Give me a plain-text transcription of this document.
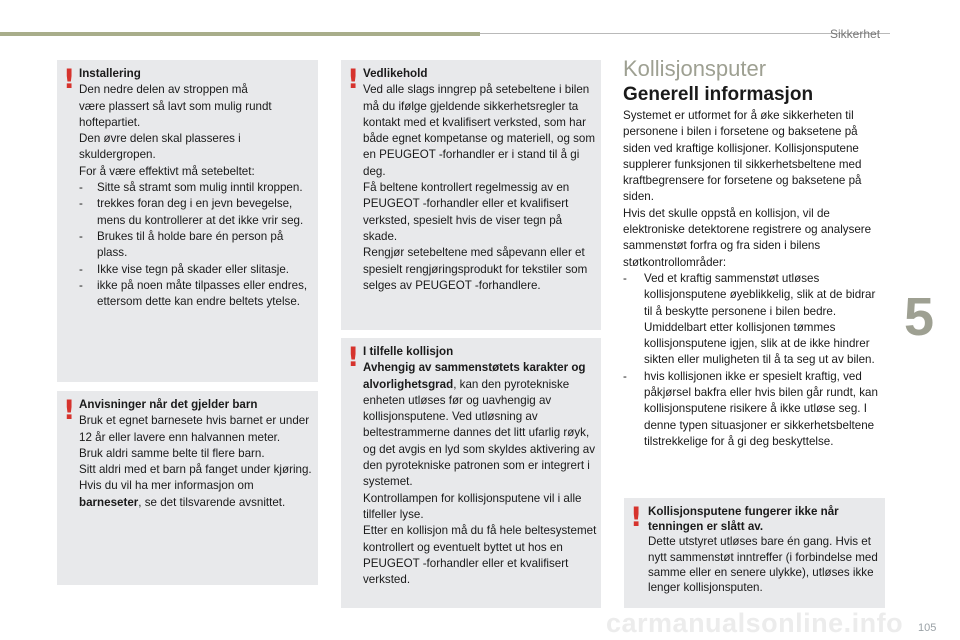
Sikkerhet
5
105
! Installering
Den nedre delen av stroppen må
være plassert så lavt som mulig rundt
hoftepartiet.
Den øvre delen skal plasseres i
skuldergropen.
For å være effektivt må setebeltet:
- Sitte så stramt som mulig inntil kroppen.
- trekkes foran deg i en jevn bevegelse, mens du kontrollerer at det ikke vrir seg.
- Brukes til å holde bare én person på plass.
- Ikke vise tegn på skader eller slitasje.
- ikke på noen måte tilpasses eller endres, ettersom dette kan endre beltets ytelse.
! Anvisninger når det gjelder barn
Bruk et egnet barnesete hvis barnet er under 12 år eller lavere enn halvannen meter.
Bruk aldri samme belte til flere barn.
Sitt aldri med et barn på fanget under kjøring.
Hvis du vil ha mer informasjon om
barneseter, se det tilsvarende avsnittet.
! Vedlikehold
Ved alle slags inngrep på setebeltene i bilen må du ifølge gjeldende sikkerhetsregler ta kontakt med et kvalifisert verksted, som har både egnet kompetanse og materiell, og som en PEUGEOT -forhandler er i stand til å gi deg.
Få beltene kontrollert regelmessig av en PEUGEOT -forhandler eller et kvalifisert verksted, spesielt hvis de viser tegn på skade.
Rengjør setebeltene med såpevann eller et spesielt rengjøringsprodukt for tekstiler som selges av PEUGEOT -forhandlere.
! I tilfelle kollisjon
Avhengig av sammenstøtets karakter og alvorlighetsgrad, kan den pyrotekniske enheten utløses før og uavhengig av kollisjonsputene. Ved utløsning av beltestrammerne dannes det litt ufarlig røyk, og det avgis en lyd som skyldes aktivering av den pyrotekniske patronen som er integrert i systemet.
Kontrollampen for kollisjonsputene vil i alle tilfeller lyse.
Etter en kollisjon må du få hele beltesystemet kontrollert og eventuelt byttet ut hos en PEUGEOT -forhandler eller et kvalifisert verksted.
Kollisjonsputer
Generell informasjon

Systemet er utformet for å øke sikkerheten til personene i bilen i forsetene og baksetene på siden ved kraftige kollisjoner. Kollisjonsputene supplerer funksjonen til sikkerhetsbeltene med kraftbegrensere for forsetene og baksetene på siden.

Hvis det skulle oppstå en kollisjon, vil de elektroniske detektorene registrere og analysere sammenstøt forfra og fra siden i bilens støtkontrollområder:

- Ved et kraftig sammenstøt utløses kollisjonsputene øyeblikkelig, slik at de bidrar til å beskytte personene i bilen bedre. Umiddelbart etter kollisjonen tømmes kollisjonsputene igjen, slik at de ikke hindrer sikten eller muligheten til å ta seg ut av bilen.
- hvis kollisjonen ikke er spesielt kraftig, ved påkjørsel bakfra eller hvis bilen går rundt, kan kollisjonsputene risikere å ikke utløse seg. I denne typen situasjoner er sikkerhetsbeltene tilstrekkelige for å gi deg beskyttelse.
! Kollisjonsputene fungerer ikke når tenningen er slått av.
Dette utstyret utløses bare én gang. Hvis et nytt sammenstøt inntreffer (i forbindelse med samme eller en senere ulykke), utløses ikke lenger kollisjonsputen.
carmanualsonline.info
